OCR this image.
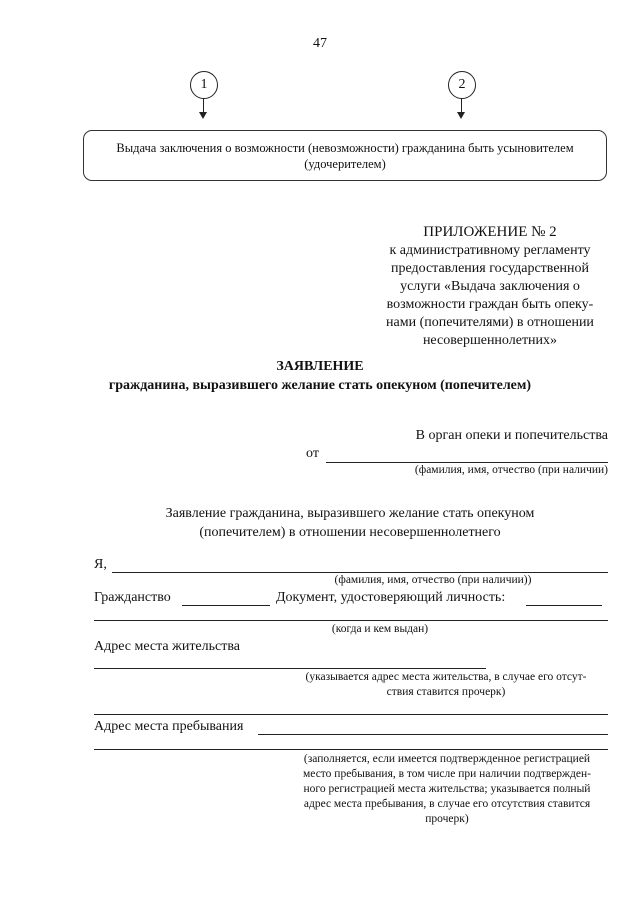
47
1	2
Выдача заключения о возможности (невозможности) гражданина быть усыновителем
(удочерителем)
ПРИЛОЖЕНИЕ № 2
к административному регламенту
предоставления государственной
услуги «Выдача заключения о
возможности граждан быть опеку-
нами (попечителями) в отношении
несовершеннолетних»
ЗАЯВЛЕНИЕ
гражданина, выразившего желание стать опекуном (попечителем)
В орган опеки и попечительства
от
(фамилия, имя, отчество (при наличии)
Заявление гражданина, выразившего желание стать опекуном
(попечителем) в отношении несовершеннолетнего
Я,
(фамилия, имя, отчество (при наличии))
Гражданство	Документ, удостоверяющий личность:
(когда и кем выдан)
Адрес места жительства
(указывается адрес места жительства, в случае его отсут-
ствия ставится прочерк)
Адрес места пребывания
(заполняется, если имеется подтвержденное регистрацией
место пребывания, в том числе при наличии подтвержден-
ного регистрацией места жительства; указывается полный
адрес места пребывания, в случае его отсутствия ставится
прочерк)
